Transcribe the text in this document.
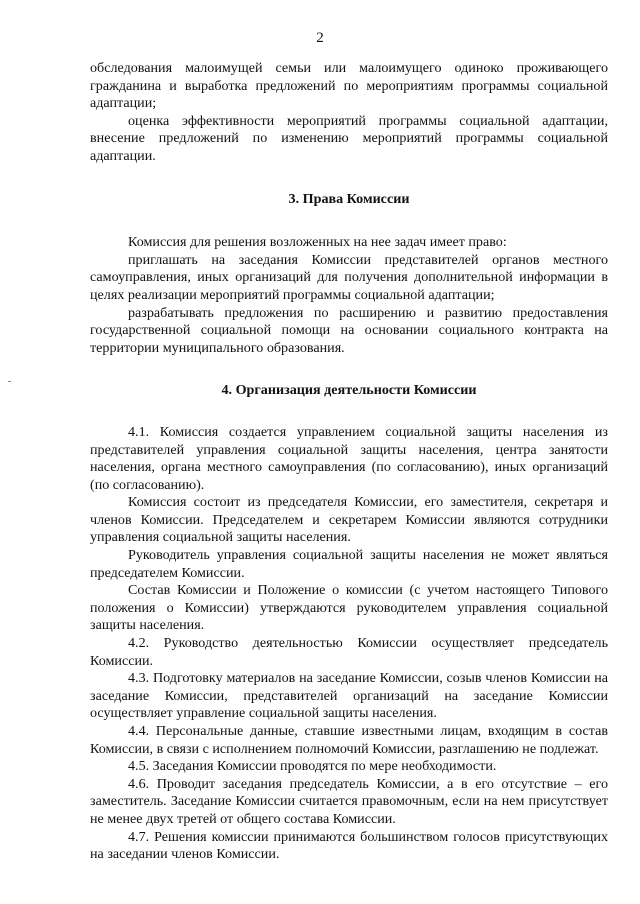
2

обследования малоимущей семьи или малоимущего одиноко проживающего гражданина и выработка предложений по мероприятиям программы социальной адаптации;

оценка эффективности мероприятий программы социальной адаптации, внесение предложений по изменению мероприятий программы социальной адаптации.

3. Права Комиссии

Комиссия для решения возложенных на нее задач имеет право:

приглашать на заседания Комиссии представителей органов местного самоуправления, иных организаций для получения дополнительной информации в целях реализации мероприятий программы социальной адаптации;

разрабатывать предложения по расширению и развитию предоставления государственной социальной помощи на основании социального контракта на территории муниципального образования.

4. Организация деятельности Комиссии

4.1. Комиссия создается управлением социальной защиты населения из представителей управления социальной защиты населения, центра занятости населения, органа местного самоуправления (по согласованию), иных организаций (по согласованию).

Комиссия состоит из председателя Комиссии, его заместителя, секретаря и членов Комиссии. Председателем и секретарем Комиссии являются сотрудники управления социальной защиты населения.

Руководитель управления социальной защиты населения не может являться председателем Комиссии.

Состав Комиссии и Положение о комиссии (с учетом настоящего Типового положения о Комиссии) утверждаются руководителем управления социальной защиты населения.

4.2. Руководство деятельностью Комиссии осуществляет председатель Комиссии.

4.3. Подготовку материалов на заседание Комиссии, созыв членов Комиссии на заседание Комиссии, представителей организаций на заседание Комиссии осуществляет управление социальной защиты населения.

4.4. Персональные данные, ставшие известными лицам, входящим в состав Комиссии, в связи с исполнением полномочий Комиссии, разглашению не подлежат.

4.5. Заседания Комиссии проводятся по мере необходимости.

4.6. Проводит заседания председатель Комиссии, а в его отсутствие – его заместитель. Заседание Комиссии считается правомочным, если на нем присутствует не менее двух третей от общего состава Комиссии.

4.7. Решения комиссии принимаются большинством голосов присутствующих на заседании членов Комиссии.
